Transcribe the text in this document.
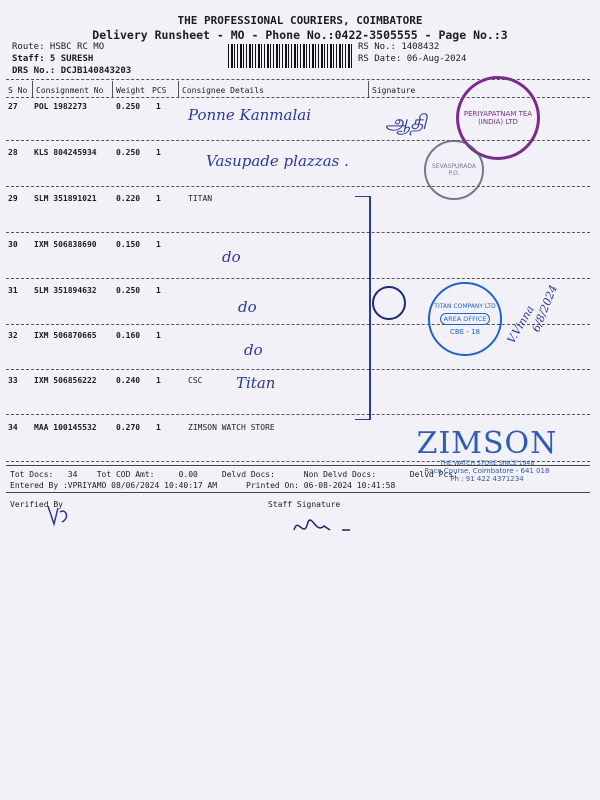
THE PROFESSIONAL COURIERS, COIMBATORE
Delivery Runsheet - MO - Phone No.:0422-3505555 - Page No.:3
Route: HSBC RC MO
Staff: 5 SURESH
DRS No.: DCJB140843203
RS No.: 1408432
RS Date: 06-Aug-2024
S No Consignment No Weight PCS Consignee Details	Signature
27 POL 1982273	0.250 1 Ponne Kanmalai
28 KLS 804245934 0.250 1	Vasupade plazzas .
29 SLM 351891021 0.220 1	TITAN
30 IXM 506838690 0.150 1
do
31 SLM 351894632 0.250 1
do
32 IXM 506870665 0.160 1
do
33 IXM 506856222 0.240 1	CSC Titan
34 MAA 100145532 0.270 1	ZIMSON WATCH STORE
ஆதி
6/8/2024
V.Vinna
PERIYAPATNAM TEA (INDIA) LTD
SEVASPURADA P.O.
TITAN COMPANY LTD
AREA OFFICE
CBE - 18
ZIMSON
THE WATCH STORE SINCE 1948
Race Course, Coimbatore - 641 018
Ph : 91 422 4371234
Tot Docs:   34    Tot COD Amt:     0.00     Delvd Docs:      Non Delvd Docs:       Delvd Pcs:
Entered By :VPRIYAMO 08/06/2024 10:40:17 AM      Printed On: 06-08-2024 10:41:58
Verified By	Staff Signature
